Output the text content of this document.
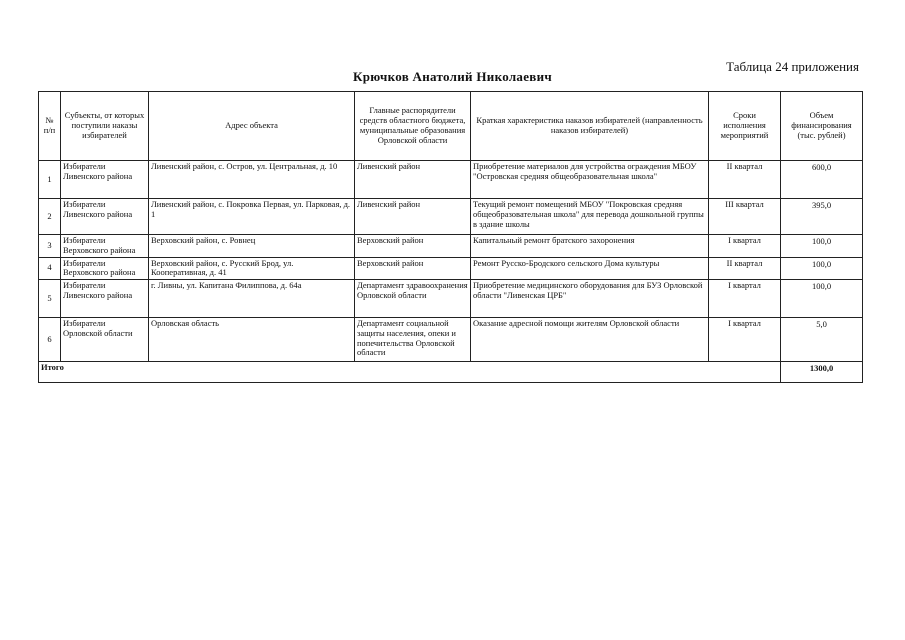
Таблица 24 приложения
Крючков Анатолий Николаевич
№ п/п	Субъекты, от которых поступили наказы избирателей	Адрес объекта	Главные распорядители средств областного бюджета, муниципальные образования Орловской области	Краткая характеристика наказов избирателей (направленность наказов избирателей)	Сроки исполнения мероприятий	Объем финансирования (тыс. рублей)
1	Избиратели Ливенского района	Ливенский район, с. Остров, ул. Центральная, д. 10	Ливенский район	Приобретение материалов для устройства ограждения МБОУ "Островская средняя общеобразовательная школа"	II квартал	600,0
2	Избиратели Ливенского района	Ливенский район, с. Покровка Первая, ул. Парковая, д. 1	Ливенский район	Текущий ремонт помещений МБОУ "Покровская средняя общеобразовательная школа" для перевода дошкольной группы в здание школы	III квартал	395,0
3	Избиратели Верховского района	Верховский район, с. Ровнец	Верховский район	Капитальный ремонт братского захоронения	I квартал	100,0
4	Избиратели Верховского района	Верховский район, с. Русский Брод, ул. Кооперативная, д. 41	Верховский район	Ремонт Русско-Бродского сельского Дома культуры	II квартал	100,0
5	Избиратели Ливенского района	г. Ливны, ул. Капитана Филиппова, д. 64а	Департамент здравоохранения Орловской области	Приобретение медицинского оборудования для БУЗ Орловской области "Ливенская ЦРБ"	I квартал	100,0
6	Избиратели Орловской области	Орловская область	Департамент социальной защиты населения, опеки и попечительства Орловской области	Оказание адресной помощи жителям Орловской области	I квартал	5,0
Итого						1300,0
